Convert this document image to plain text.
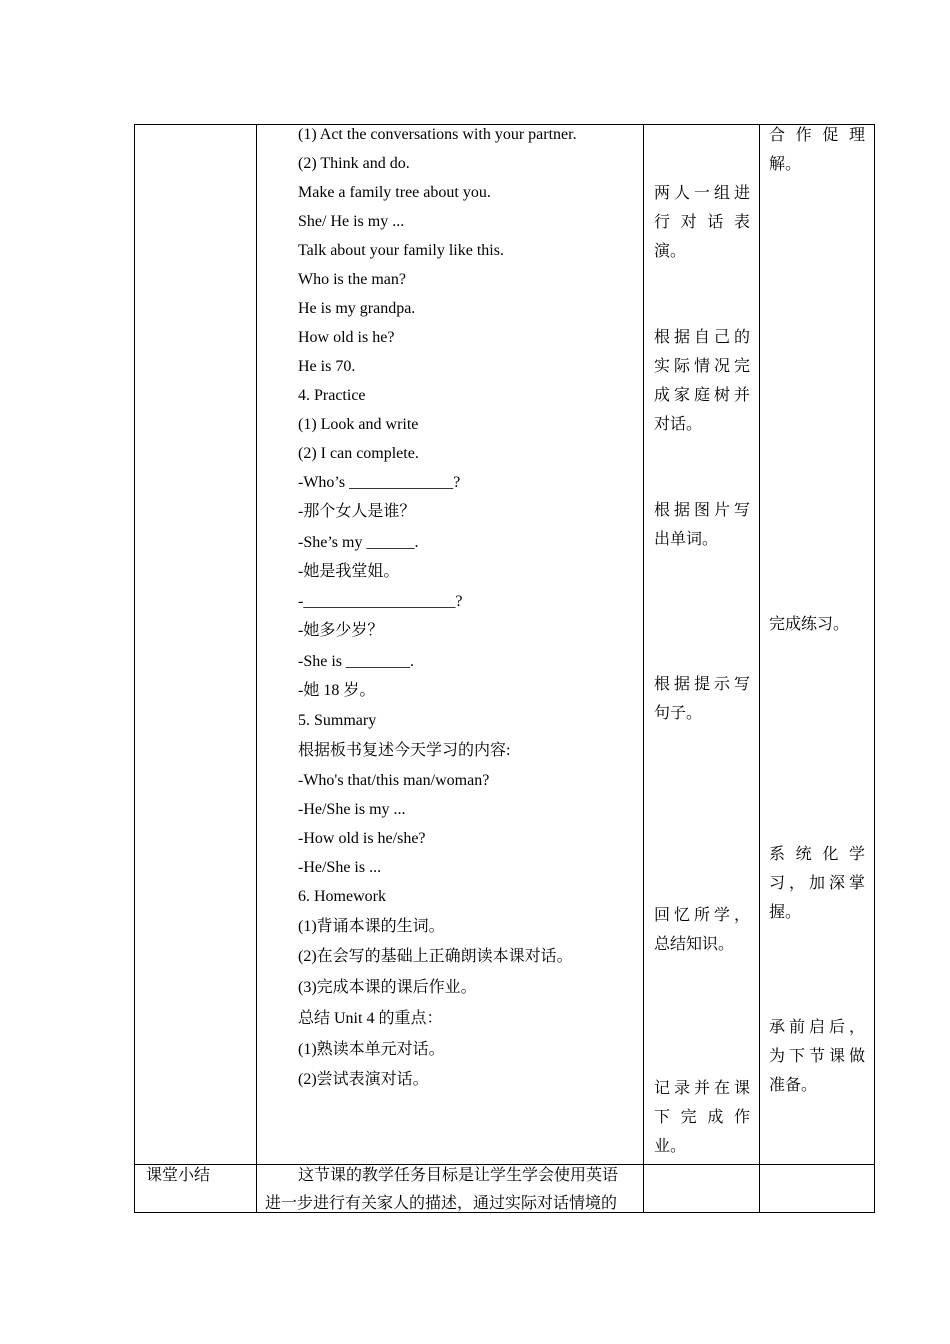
(1) Act the conversations with your partner.
(2) Think and do.
Make a family tree about you.
She/ He is my ...
Talk about your family like this.
Who is the man?
He is my grandpa.
How old is he?
He is 70.
4. Practice
(1) Look and write
(2) I can complete.
-Who’s _____________?
-那个女人是谁？
-She’s my ______.
-她是我堂姐。
-___________________?
-她多少岁？
-She is ________.
-她 18 岁。
5. Summary
根据板书复述今天学习的内容:
-Who's that/this man/woman?
-He/She is my ...
-How old is he/she?
-He/She is ...
6. Homework
(1)背诵本课的生词。
(2)在会写的基础上正确朗读本课对话。
(3)完成本课的课后作业。
总结 Unit 4 的重点：
(1)熟读本单元对话。
(2)尝试表演对话。
两 人 一 组 进
行 对 话 表
演。
根 据 自 己 的
实 际 情 况 完
成 家 庭 树 并
对话。
根 据 图 片 写
出单词。
根 据 提 示 写
句子。
回 忆 所 学 ，
总结知识。
记 录 并 在 课
下 完 成 作
业。
合 作 促 理
解。
完成练习。
系 统 化 学
习 ， 加 深 掌
握。
承 前 启 后 ，
为 下 节 课 做
准备。
课堂小结	这节课的教学任务目标是让学生学会使用英语
进一步进行有关家人的描述，通过实际对话情境的
